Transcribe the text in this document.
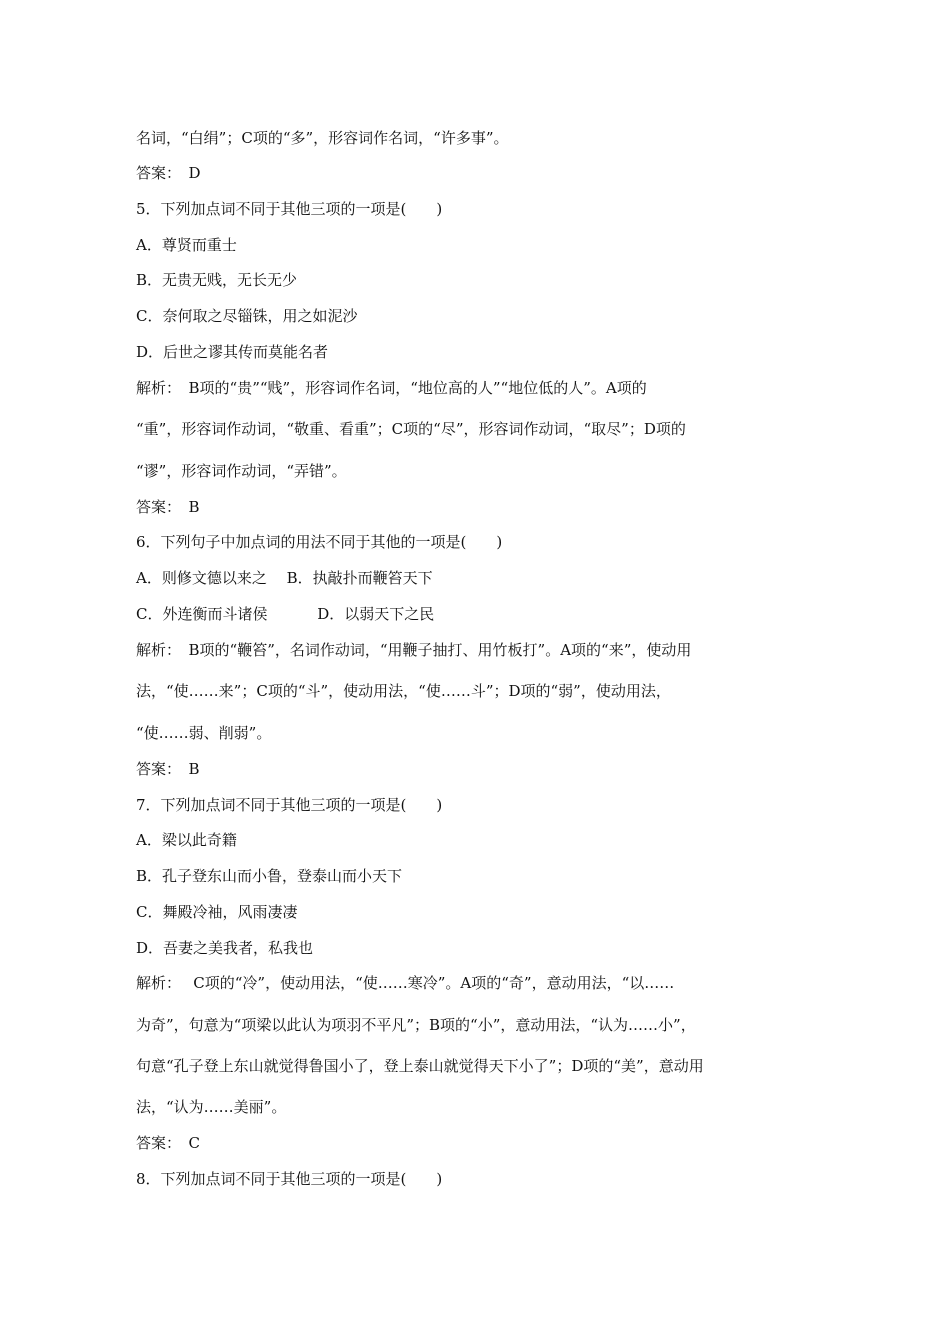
名词，“白绢”；C项的“多”，形容词作名词，“许多事”。
答案：　D
5．下列加点词不同于其他三项的一项是(　　)
A．尊贤而重士
B．无贵无贱，无长无少
C．奈何取之尽锱铢，用之如泥沙
D．后世之谬其传而莫能名者
解析：　B项的“贵”“贱”，形容词作名词，“地位高的人”“地位低的人”。A项的
“重”，形容词作动词，“敬重、看重”；C项的“尽”，形容词作动词，“取尽”；D项的
“谬”，形容词作动词，“弄错”。
答案：　B
6．下列句子中加点词的用法不同于其他的一项是(　　)
A．则修文德以来之　 B．执敲扑而鞭笞天下
C．外连衡而斗诸侯　　　 D．以弱天下之民
解析：　B项的“鞭笞”，名词作动词，“用鞭子抽打、用竹板打”。A项的“来”，使动用
法，“使……来”；C项的“斗”，使动用法，“使……斗”；D项的“弱”，使动用法，
“使……弱、削弱”。
答案：　B
7．下列加点词不同于其他三项的一项是(　　)
A．梁以此奇籍
B．孔子登东山而小鲁，登泰山而小天下
C．舞殿冷袖，风雨凄凄
D．吾妻之美我者，私我也
解析：　 C项的“冷”，使动用法，“使……寒冷”。A项的“奇”，意动用法，“以……
为奇”，句意为“项梁以此认为项羽不平凡”；B项的“小”，意动用法，“认为……小”，
句意“孔子登上东山就觉得鲁国小了，登上泰山就觉得天下小了”；D项的“美”，意动用
法，“认为……美丽”。
答案：　C
8．下列加点词不同于其他三项的一项是(　　)
